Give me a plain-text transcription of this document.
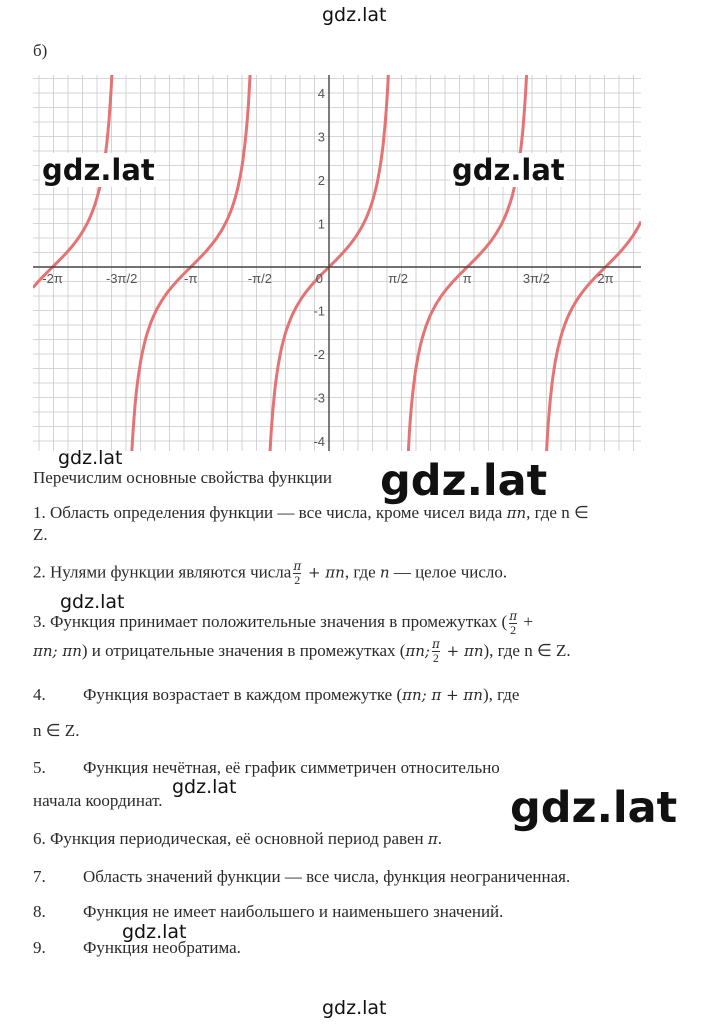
gdz.lat
б)
-2π	-3π/2	-π	-π/2	0	π/2	π	3π/2	2π
4
3
2
1
-1
-2
-3
-4
gdz.lat	gdz.lat
gdz.lat

Перечислим основные свойства функции	gdz.lat

1. Область определения функции — все числа, кроме чисел вида πn, где n ∈
Z.

2. Нулями функции являются числа $\frac{\pi}{2} + \pi n$, где n — целое число.

gdz.lat

3. Функция принимает положительные значения в промежутках ( $\frac{\pi}{2}$ +
πn; πn) и отрицательные значения в промежутках (πn; $\frac{\pi}{2} + \pi n$), где n ∈ Z.

4. Функция возрастает в каждом промежутке (πn; π + πn), где

n ∈ Z.

5. Функция нечётная, её график симметричен относительно

начала координат.

gdz.lat	gdz.lat

6. Функция периодическая, её основной период равен π.

7. Область значений функции — все числа, функция неограниченная.

8. Функция не имеет наибольшего и наименьшего значений.

9. Функция необратима.

gdz.lat
gdz.lat
